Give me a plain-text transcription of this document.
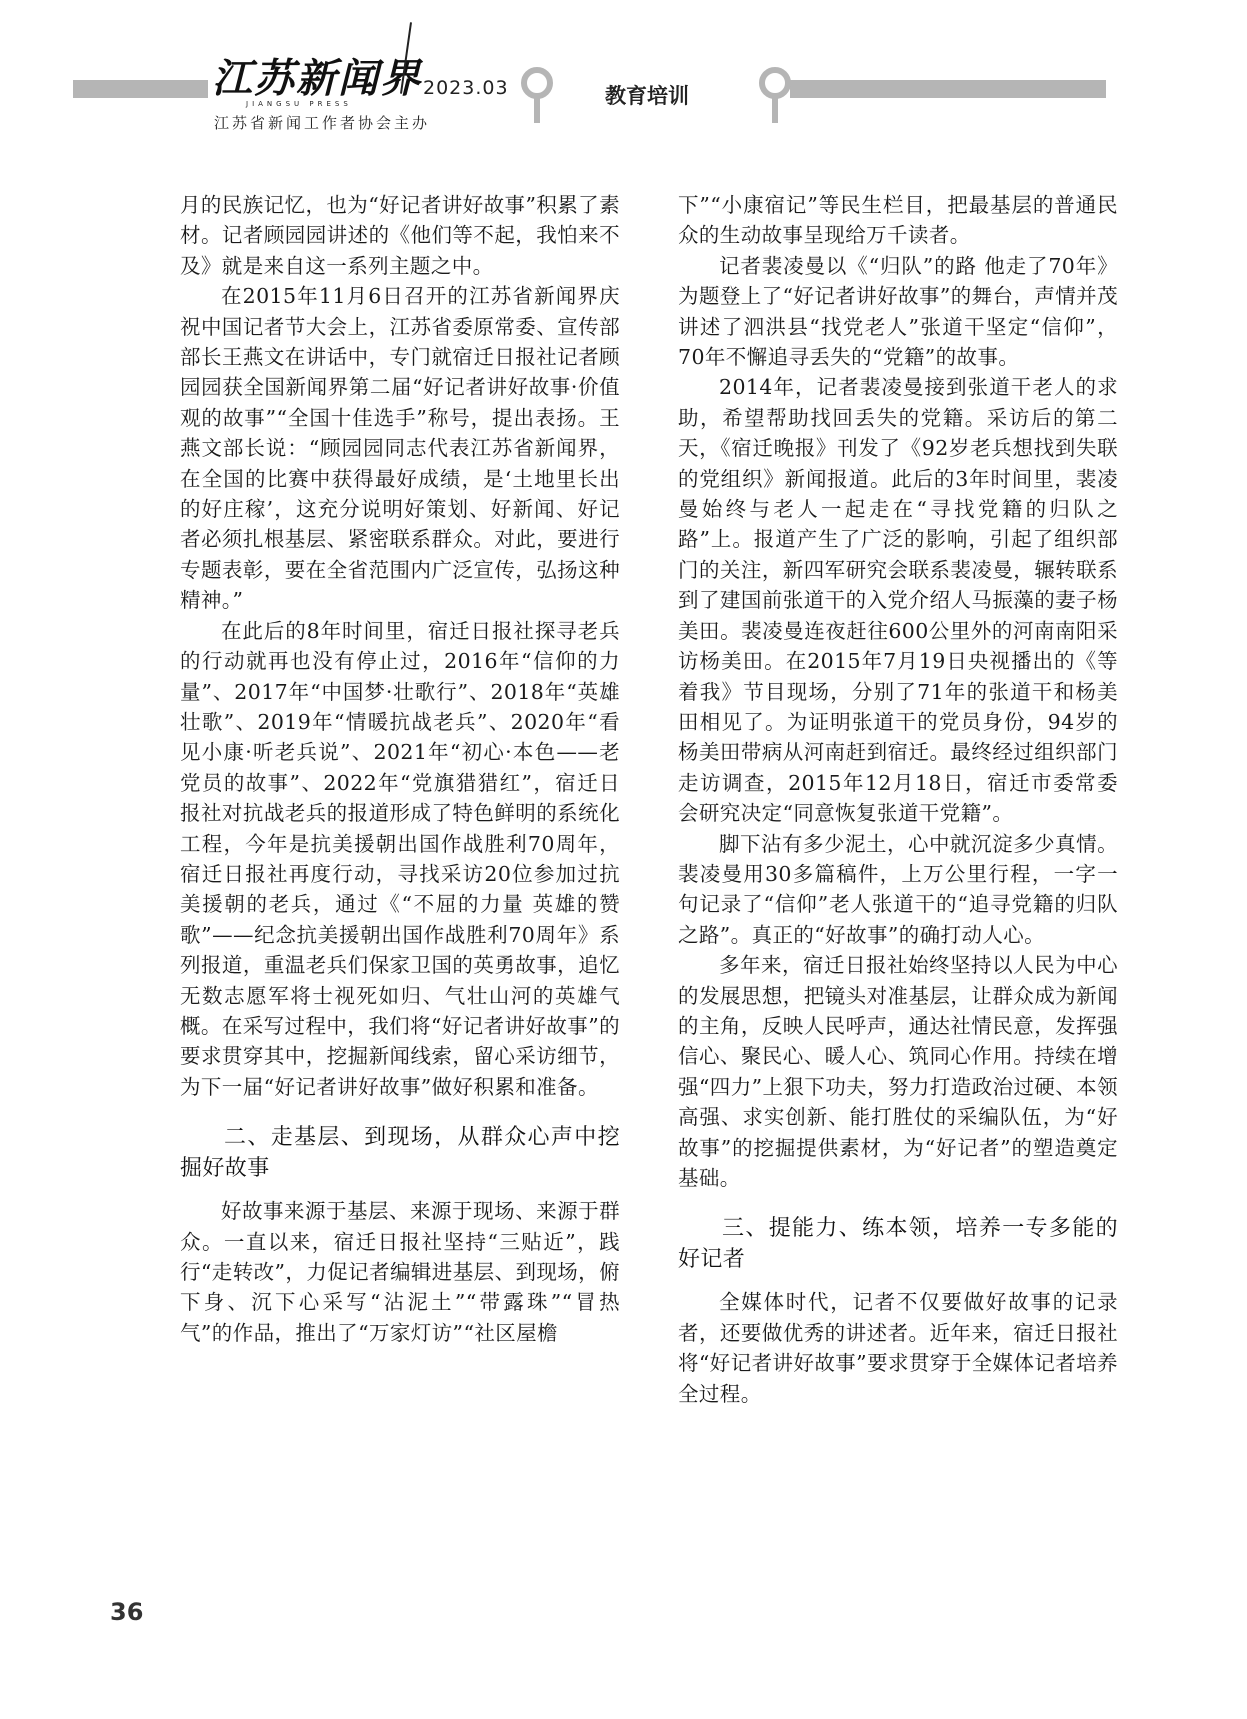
江苏新闻界
JIANGSU PRESS
2023.03
江苏省新闻工作者协会主办
教育培训

月的民族记忆，也为“好记者讲好故事”积累了素材。记者顾园园讲述的《他们等不起，我怕来不及》就是来自这一系列主题之中。

在2015年11月6日召开的江苏省新闻界庆祝中国记者节大会上，江苏省委原常委、宣传部部长王燕文在讲话中，专门就宿迁日报社记者顾园园获全国新闻界第二届“好记者讲好故事·价值观的故事”“全国十佳选手”称号，提出表扬。王燕文部长说：“顾园园同志代表江苏省新闻界，在全国的比赛中获得最好成绩，是‘土地里长出的好庄稼’，这充分说明好策划、好新闻、好记者必须扎根基层、紧密联系群众。对此，要进行专题表彰，要在全省范围内广泛宣传，弘扬这种精神。”

在此后的8年时间里，宿迁日报社探寻老兵的行动就再也没有停止过，2016年“信仰的力量”、2017年“中国梦·壮歌行”、2018年“英雄壮歌”、2019年“情暖抗战老兵”、2020年“看见小康·听老兵说”、2021年“初心·本色——老党员的故事”、2022年“党旗猎猎红”，宿迁日报社对抗战老兵的报道形成了特色鲜明的系统化工程，今年是抗美援朝出国作战胜利70周年，宿迁日报社再度行动，寻找采访20位参加过抗美援朝的老兵，通过《“不屈的力量 英雄的赞歌”——纪念抗美援朝出国作战胜利70周年》系列报道，重温老兵们保家卫国的英勇故事，追忆无数志愿军将士视死如归、气壮山河的英雄气概。在采写过程中，我们将“好记者讲好故事”的要求贯穿其中，挖掘新闻线索，留心采访细节，为下一届“好记者讲好故事”做好积累和准备。

二、走基层、到现场，从群众心声中挖掘好故事

好故事来源于基层、来源于现场、来源于群众。一直以来，宿迁日报社坚持“三贴近”，践行“走转改”，力促记者编辑进基层、到现场，俯下身、沉下心采写“沾泥土”“带露珠”“冒热气”的作品，推出了“万家灯访”“社区屋檐

下”“小康宿记”等民生栏目，把最基层的普通民众的生动故事呈现给万千读者。

记者裴凌曼以《“归队”的路 他走了70年》为题登上了“好记者讲好故事”的舞台，声情并茂讲述了泗洪县“找党老人”张道干坚定“信仰”，70年不懈追寻丢失的“党籍”的故事。

2014年，记者裴凌曼接到张道干老人的求助，希望帮助找回丢失的党籍。采访后的第二天，《宿迁晚报》刊发了《92岁老兵想找到失联的党组织》新闻报道。此后的3年时间里，裴凌曼始终与老人一起走在“寻找党籍的归队之路”上。报道产生了广泛的影响，引起了组织部门的关注，新四军研究会联系裴凌曼，辗转联系到了建国前张道干的入党介绍人马振藻的妻子杨美田。裴凌曼连夜赶往600公里外的河南南阳采访杨美田。在2015年7月19日央视播出的《等着我》节目现场，分别了71年的张道干和杨美田相见了。为证明张道干的党员身份，94岁的杨美田带病从河南赶到宿迁。最终经过组织部门走访调查，2015年12月18日，宿迁市委常委会研究决定“同意恢复张道干党籍”。

脚下沾有多少泥土，心中就沉淀多少真情。裴凌曼用30多篇稿件，上万公里行程，一字一句记录了“信仰”老人张道干的“追寻党籍的归队之路”。真正的“好故事”的确打动人心。

多年来，宿迁日报社始终坚持以人民为中心的发展思想，把镜头对准基层，让群众成为新闻的主角，反映人民呼声，通达社情民意，发挥强信心、聚民心、暖人心、筑同心作用。持续在增强“四力”上狠下功夫，努力打造政治过硬、本领高强、求实创新、能打胜仗的采编队伍，为“好故事”的挖掘提供素材，为“好记者”的塑造奠定基础。

三、提能力、练本领，培养一专多能的好记者

全媒体时代，记者不仅要做好故事的记录者，还要做优秀的讲述者。近年来，宿迁日报社将“好记者讲好故事”要求贯穿于全媒体记者培养全过程。

36
